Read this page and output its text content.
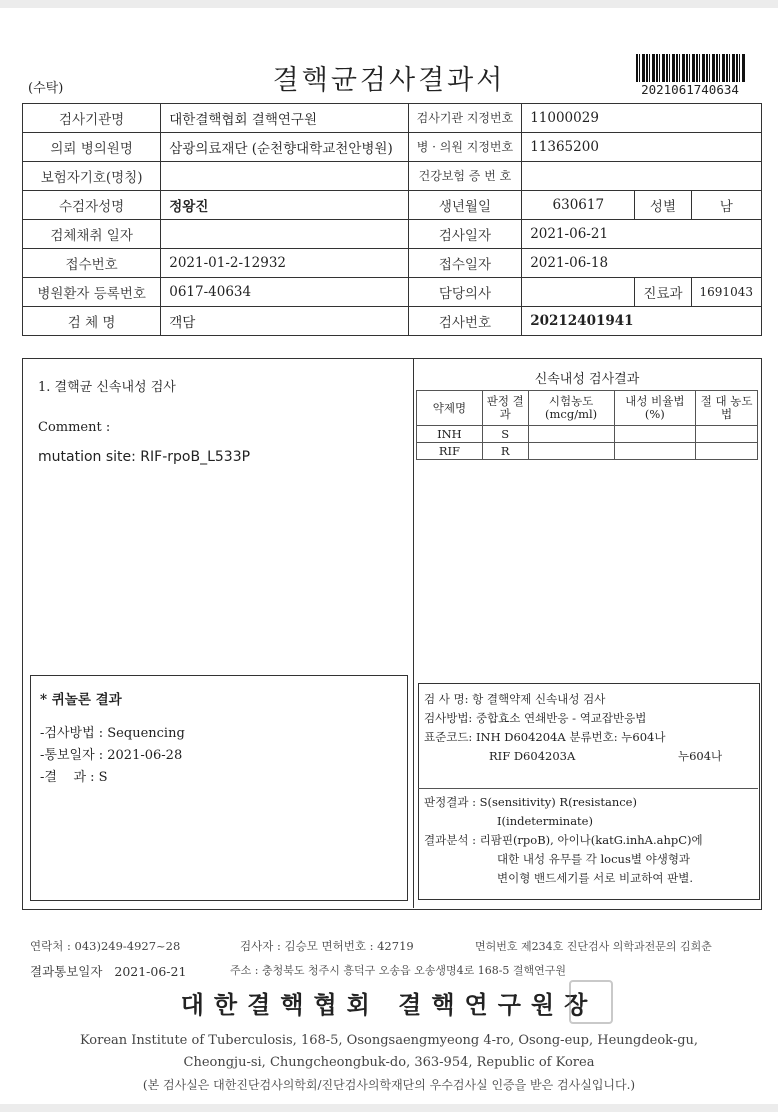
(수탁)	결핵균검사결과서	2021061740634
검사기관명	대한결핵협회 결핵연구원	검사기관 지정번호	11000029		
의뢰 병의원명	삼광의료재단 (순천향대학교천안병원)	병 · 의원 지정번호	11365200		
보험자기호(명칭)		건강보험 증 번 호			
수검자성명	정왕진	생년월일	630617	성별	남
검체채취 일자		검사일자	2021-06-21		
접수번호	2021-01-2-12932	접수일자	2021-06-18		
병원환자 등록번호	0617-40634	담당의사		진료과	1691043
검 체 명	객담	검사번호	20212401941		
1. 결핵균 신속내성 검사
Comment :
mutation site: RIF-rpoB_L533P
신속내성 검사결과
약제명	판정 결과	시험농도 (mcg/ml)	내성 비율법(%)	절 대 농도법
INH	S			
RIF	R			
* 퀴놀론 결과
-검사방법 : Sequencing
-통보일자 : 2021-06-28
-결    과 : S
검 사 명: 항 결핵약제 신속내성 검사
검사방법: 중합효소 연쇄반응 - 역교잡반응법
표준코드: INH D604204A 분류번호: 누604나
RIF D604203A	누604나
판정결과 : S(sensitivity) R(resistance)
I(indeterminate)
결과분석 : 리팜핀(rpoB), 아이나(katG.inhA.ahpC)에
대한 내성 유무를 각 locus별 야생형과
변이형 밴드세기를 서로 비교하여 판별.
연락처 : 043)249-4927~28	검사자 : 김승모 면허번호 : 42719	면허번호 제234호 진단검사 의학과전문의 김희춘
결과통보일자   2021-06-21	주소 : 충청북도 청주시 흥덕구 오송읍 오송생명4로 168-5 결핵연구원
대한결핵협회 결핵연구원장
Korean Institute of Tuberculosis, 168-5, Osongsaengmyeong 4-ro, Osong-eup, Heungdeok-gu,
Cheongju-si, Chungcheongbuk-do, 363-954, Republic of Korea
(본 검사실은 대한진단검사의학회/진단검사의학재단의 우수검사실 인증을 받은 검사실입니다.)
